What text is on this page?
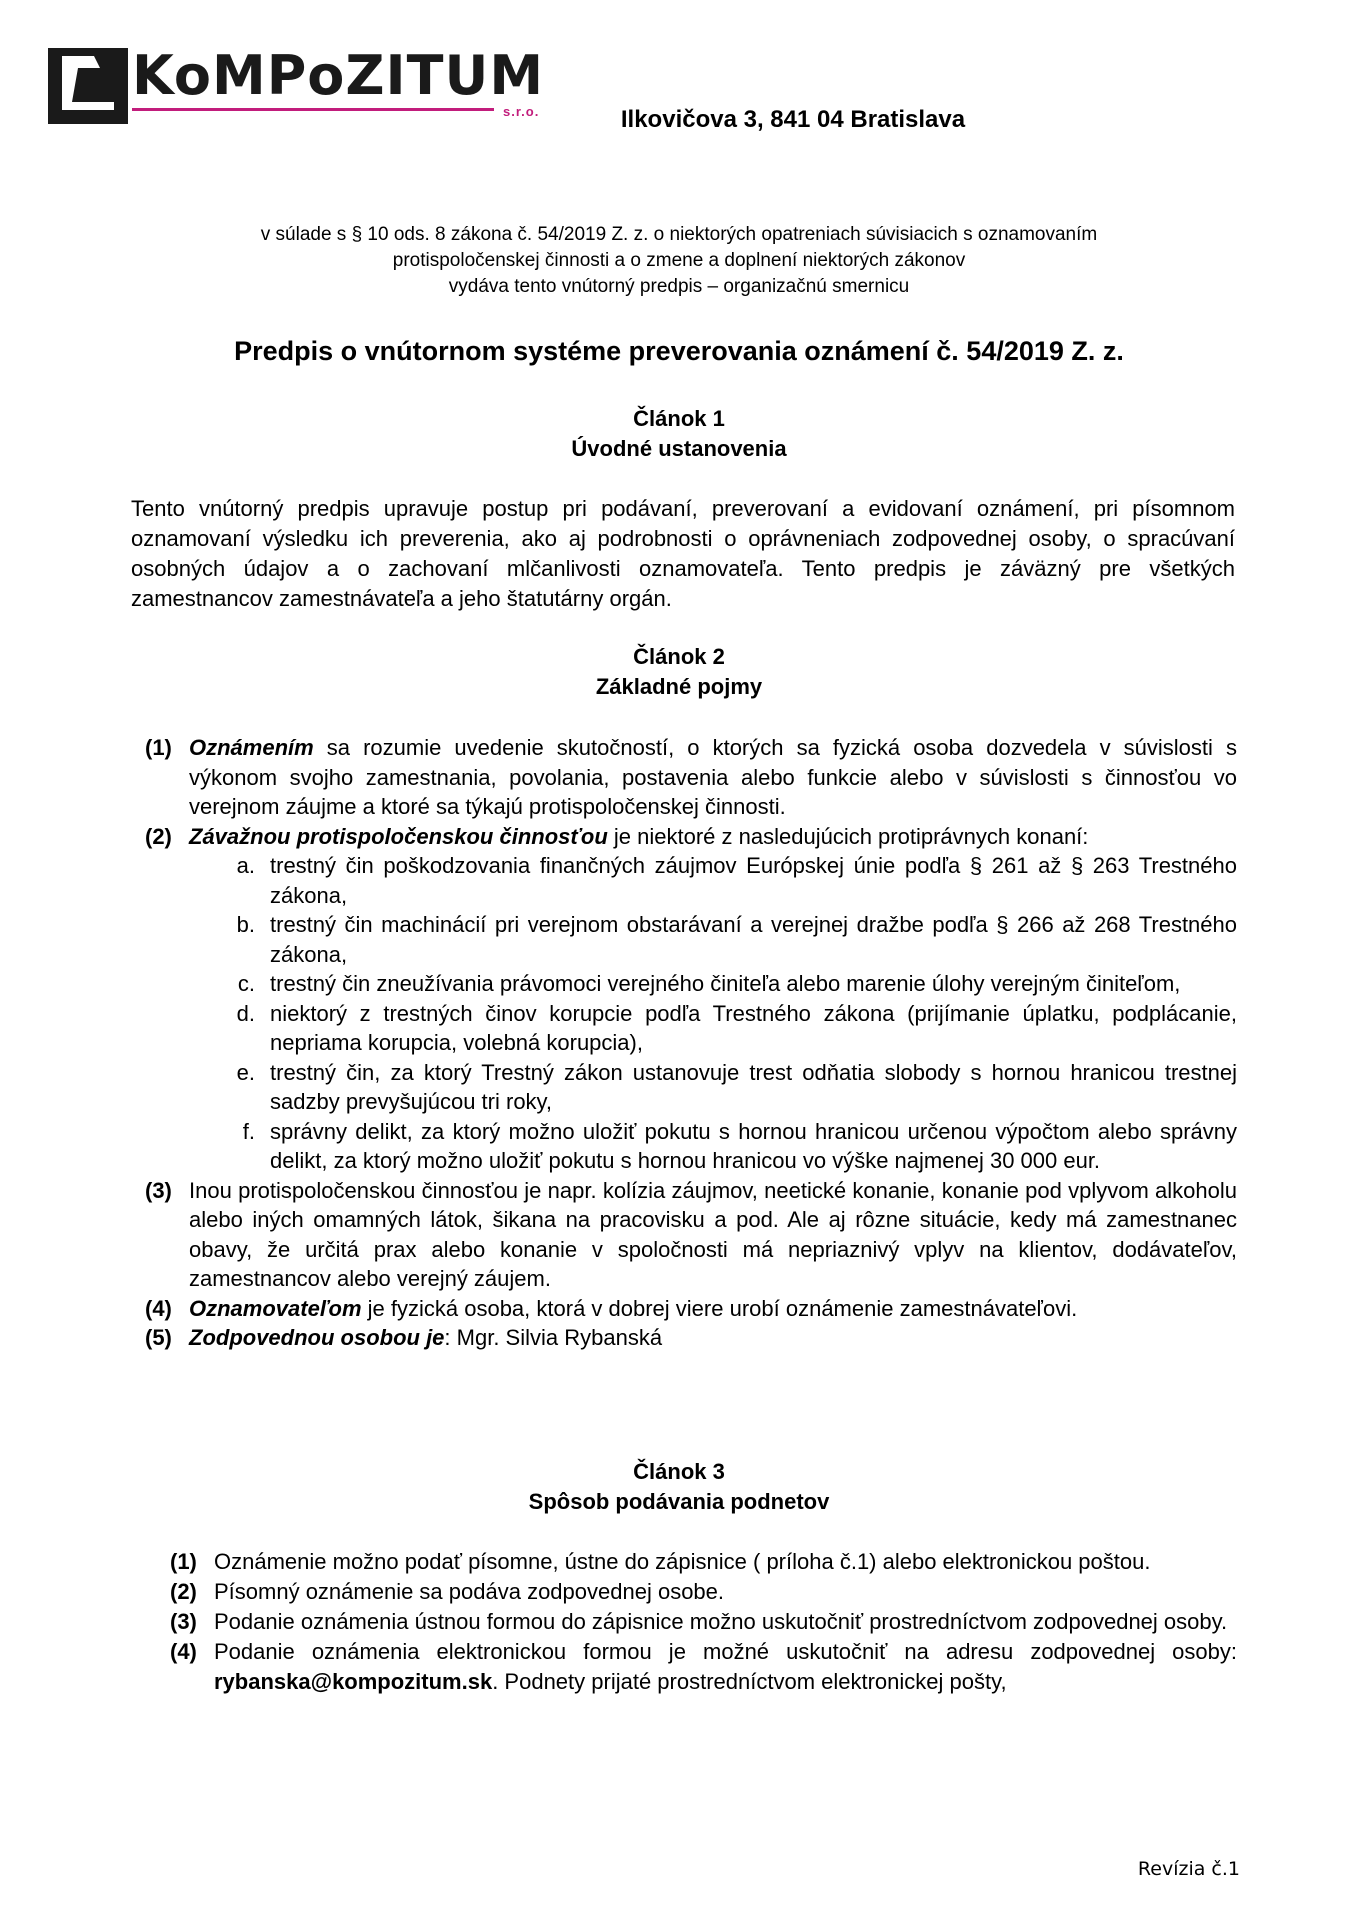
KoMPoZITUM
s.r.o.	Ilkovičova 3, 841 04 Bratislava
v súlade s § 10 ods. 8 zákona č. 54/2019 Z. z. o niektorých opatreniach súvisiacich s oznamovaním
protispoločenskej činnosti a o zmene a doplnení niektorých zákonov
vydáva tento vnútorný predpis – organizačnú smernicu
Predpis o vnútornom systéme preverovania oznámení č. 54/2019 Z. z.
Článok 1
Úvodné ustanovenia
Tento vnútorný predpis upravuje postup pri podávaní, preverovaní a evidovaní oznámení, pri písomnom oznamovaní výsledku ich preverenia, ako aj podrobnosti o oprávneniach zodpovednej osoby, o spracúvaní osobných údajov a o zachovaní mlčanlivosti oznamovateľa. Tento predpis je záväzný pre všetkých zamestnancov zamestnávateľa a jeho štatutárny orgán.
Článok 2
Základné pojmy
(1) Oznámením sa rozumie uvedenie skutočností, o ktorých sa fyzická osoba dozvedela v súvislosti s výkonom svojho zamestnania, povolania, postavenia alebo funkcie alebo v súvislosti s činnosťou vo verejnom záujme a ktoré sa týkajú protispoločenskej činnosti.
(2) Závažnou protispoločenskou činnosťou je niektoré z nasledujúcich protiprávnych konaní:
a. trestný čin poškodzovania finančných záujmov Európskej únie podľa § 261 až § 263 Trestného zákona,
b. trestný čin machinácií pri verejnom obstarávaní a verejnej dražbe podľa § 266 až 268 Trestného zákona,
c. trestný čin zneužívania právomoci verejného činiteľa alebo marenie úlohy verejným činiteľom,
d. niektorý z trestných činov korupcie podľa Trestného zákona (prijímanie úplatku, podplácanie, nepriama korupcia, volebná korupcia),
e. trestný čin, za ktorý Trestný zákon ustanovuje trest odňatia slobody s hornou hranicou trestnej sadzby prevyšujúcou tri roky,
f. správny delikt, za ktorý možno uložiť pokutu s hornou hranicou určenou výpočtom alebo správny delikt, za ktorý možno uložiť pokutu s hornou hranicou vo výške najmenej 30 000 eur.
(3) Inou protispoločenskou činnosťou je napr. kolízia záujmov, neetické konanie, konanie pod vplyvom alkoholu alebo iných omamných látok, šikana na pracovisku a pod. Ale aj rôzne situácie, kedy má zamestnanec obavy, že určitá prax alebo konanie v spoločnosti má nepriaznivý vplyv na klientov, dodávateľov, zamestnancov alebo verejný záujem.
(4) Oznamovateľom je fyzická osoba, ktorá v dobrej viere urobí oznámenie zamestnávateľovi.
(5) Zodpovednou osobou je: Mgr. Silvia Rybanská
Článok 3
Spôsob podávania podnetov
(1) Oznámenie možno podať písomne, ústne do zápisnice ( príloha č.1) alebo elektronickou poštou.
(2) Písomný oznámenie sa podáva zodpovednej osobe.
(3) Podanie oznámenia ústnou formou do zápisnice možno uskutočniť prostredníctvom zodpovednej osoby.
(4) Podanie oznámenia elektronickou formou je možné uskutočniť na adresu zodpovednej osoby: rybanska@kompozitum.sk. Podnety prijaté prostredníctvom elektronickej pošty,
Revízia č.1
